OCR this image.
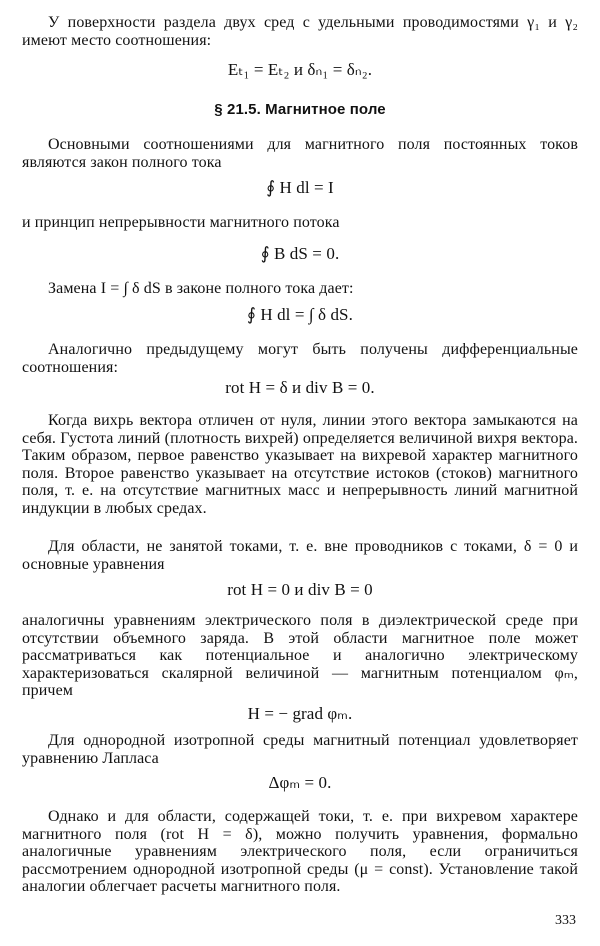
У поверхности раздела двух сред с удельными проводимостями γ₁ и γ₂ имеют место соотношения:

Eₜ₁ = Eₜ₂ и δₙ₁ = δₙ₂.
§ 21.5. Магнитное поле

Основными соотношениями для магнитного поля постоянных токов являются закон полного тока

∮ H dl = I

и принцип непрерывности магнитного потока

∮ B dS = 0.

Замена I = ∫ δ dS в законе полного тока дает:

∮ H dl = ∫ δ dS.

Аналогично предыдущему могут быть получены дифференциальные соотношения:

rot H = δ и div B = 0.

Когда вихрь вектора отличен от нуля, линии этого вектора замыкаются на себя. Густота линий (плотность вихрей) определяется величиной вихря вектора. Таким образом, первое равенство указывает на вихревой характер магнитного поля. Второе равенство указывает на отсутствие истоков (стоков) магнитного поля, т. е. на отсутствие магнитных масс и непрерывность линий магнитной индукции в любых средах.

Для области, не занятой токами, т. е. вне проводников с токами, δ = 0 и основные уравнения

rot H = 0 и div B = 0

аналогичны уравнениям электрического поля в диэлектрической среде при отсутствии объемного заряда. В этой области магнитное поле может рассматриваться как потенциальное и аналогично электрическому характеризоваться скалярной величиной — магнитным потенциалом φₘ, причем

H = − grad φₘ.

Для однородной изотропной среды магнитный потенциал удовлетворяет уравнению Лапласа

Δφₘ = 0.

Однако и для области, содержащей токи, т. е. при вихревом характере магнитного поля (rot H = δ), можно получить уравнения, формально аналогичные уравнениям электрического поля, если ограничиться рассмотрением однородной изотропной среды (μ = const). Установление такой аналогии облегчает расчеты магнитного поля.

333
